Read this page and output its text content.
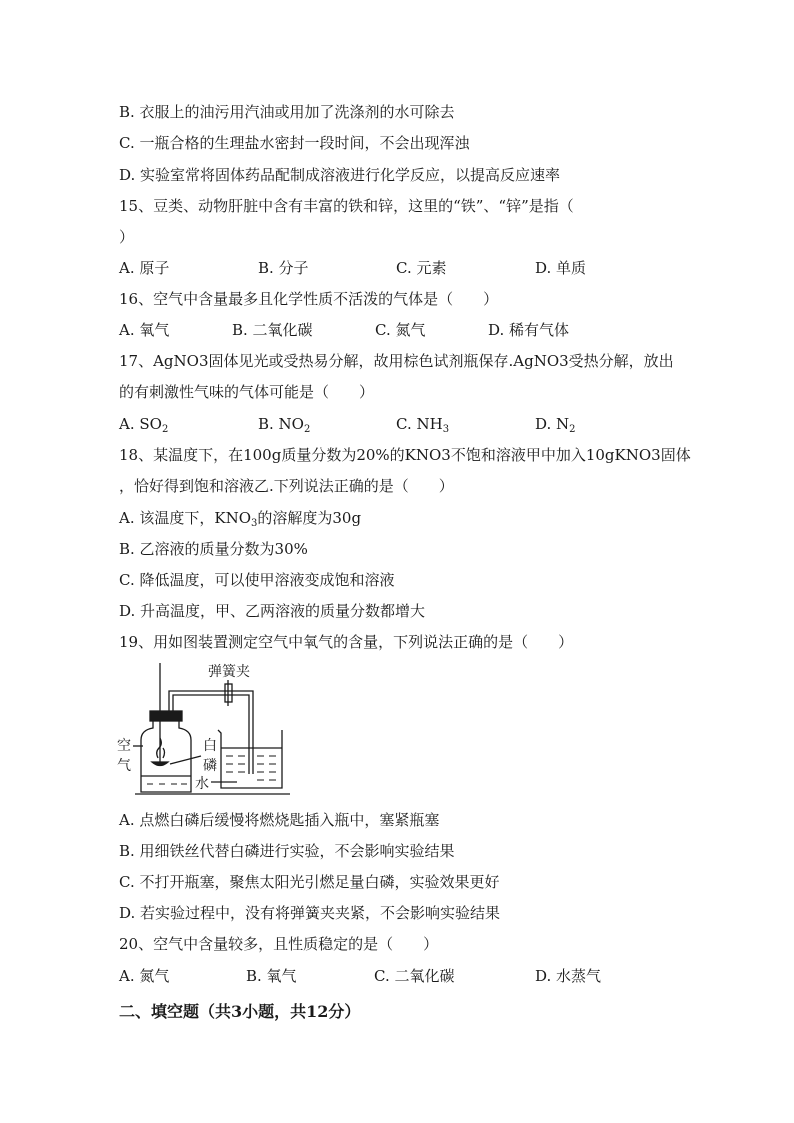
B. 衣服上的油污用汽油或用加了洗涤剂的水可除去
C. 一瓶合格的生理盐水密封一段时间，不会出现浑浊
D. 实验室常将固体药品配制成溶液进行化学反应，以提高反应速率
15、豆类、动物肝脏中含有丰富的铁和锌，这里的“铁”、“锌”是指（
）
A. 原子	B. 分子	C. 元素	D. 单质
16、空气中含量最多且化学性质不活泼的气体是（　　）
A. 氧气	B. 二氧化碳	C. 氮气	D. 稀有气体
17、AgNO3固体见光或受热易分解，故用棕色试剂瓶保存.AgNO3受热分解，放出
的有刺激性气味的气体可能是（　　）
A. $SO_2$	B. $NO_2$	C. $NH_3$	D. $N_2$
18、某温度下，在100g质量分数为20%的KNO3不饱和溶液甲中加入10gKNO3固体
，恰好得到饱和溶液乙.下列说法正确的是（　　）
A. 该温度下，$KNO_3$的溶解度为30g
B. 乙溶液的质量分数为30%
C. 降低温度，可以使甲溶液变成饱和溶液
D. 升高温度，甲、乙两溶液的质量分数都增大
19、用如图装置测定空气中氧气的含量，下列说法正确的是（　　）
弹簧夹
空
气
白
磷
水
A. 点燃白磷后缓慢将燃烧匙插入瓶中，塞紧瓶塞
B. 用细铁丝代替白磷进行实验，不会影响实验结果
C. 不打开瓶塞，聚焦太阳光引燃足量白磷，实验效果更好
D. 若实验过程中，没有将弹簧夹夹紧，不会影响实验结果
20、空气中含量较多，且性质稳定的是（　　）
A. 氮气	B. 氧气	C. 二氧化碳	D. 水蒸气
二、填空题（共3小题，共12分）
